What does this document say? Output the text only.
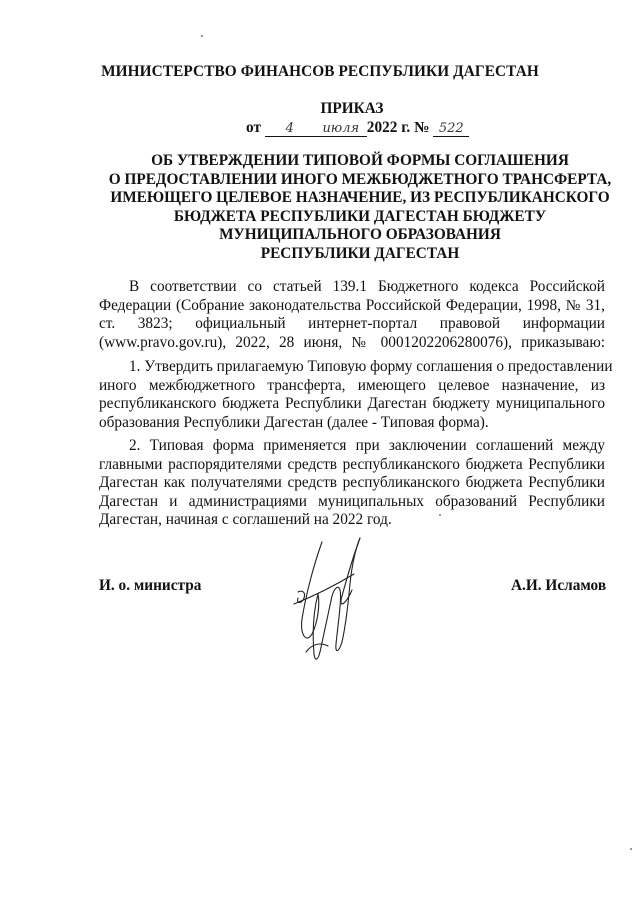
МИНИСТЕРСТВО ФИНАНСОВ РЕСПУБЛИКИ ДАГЕСТАН
ПРИКАЗ
от 4 июля 2022 г. № 522
ОБ УТВЕРЖДЕНИИ ТИПОВОЙ ФОРМЫ СОГЛАШЕНИЯ
О ПРЕДОСТАВЛЕНИИ ИНОГО МЕЖБЮДЖЕТНОГО ТРАНСФЕРТА,
ИМЕЮЩЕГО ЦЕЛЕВОЕ НАЗНАЧЕНИЕ, ИЗ РЕСПУБЛИКАНСКОГО
БЮДЖЕТА РЕСПУБЛИКИ ДАГЕСТАН БЮДЖЕТУ
МУНИЦИПАЛЬНОГО ОБРАЗОВАНИЯ
РЕСПУБЛИКИ ДАГЕСТАН
В соответствии со статьей 139.1 Бюджетного кодекса Российской
Федерации (Собрание законодательства Российской Федерации, 1998, № 31,
ст. 3823; официальный интернет-портал правовой информации
(www.pravo.gov.ru), 2022, 28 июня, № 0001202206280076), приказываю:
1. Утвердить прилагаемую Типовую форму соглашения о предоставлении
иного межбюджетного трансферта, имеющего целевое назначение, из
республиканского бюджета Республики Дагестан бюджету муниципального
образования Республики Дагестан (далее - Типовая форма).
2. Типовая форма применяется при заключении соглашений между
главными распорядителями средств республиканского бюджета Республики
Дагестан как получателями средств республиканского бюджета Республики
Дагестан и администрациями муниципальных образований Республики
Дагестан, начиная с соглашений на 2022 год.
И. о. министра	А.И. Исламов
